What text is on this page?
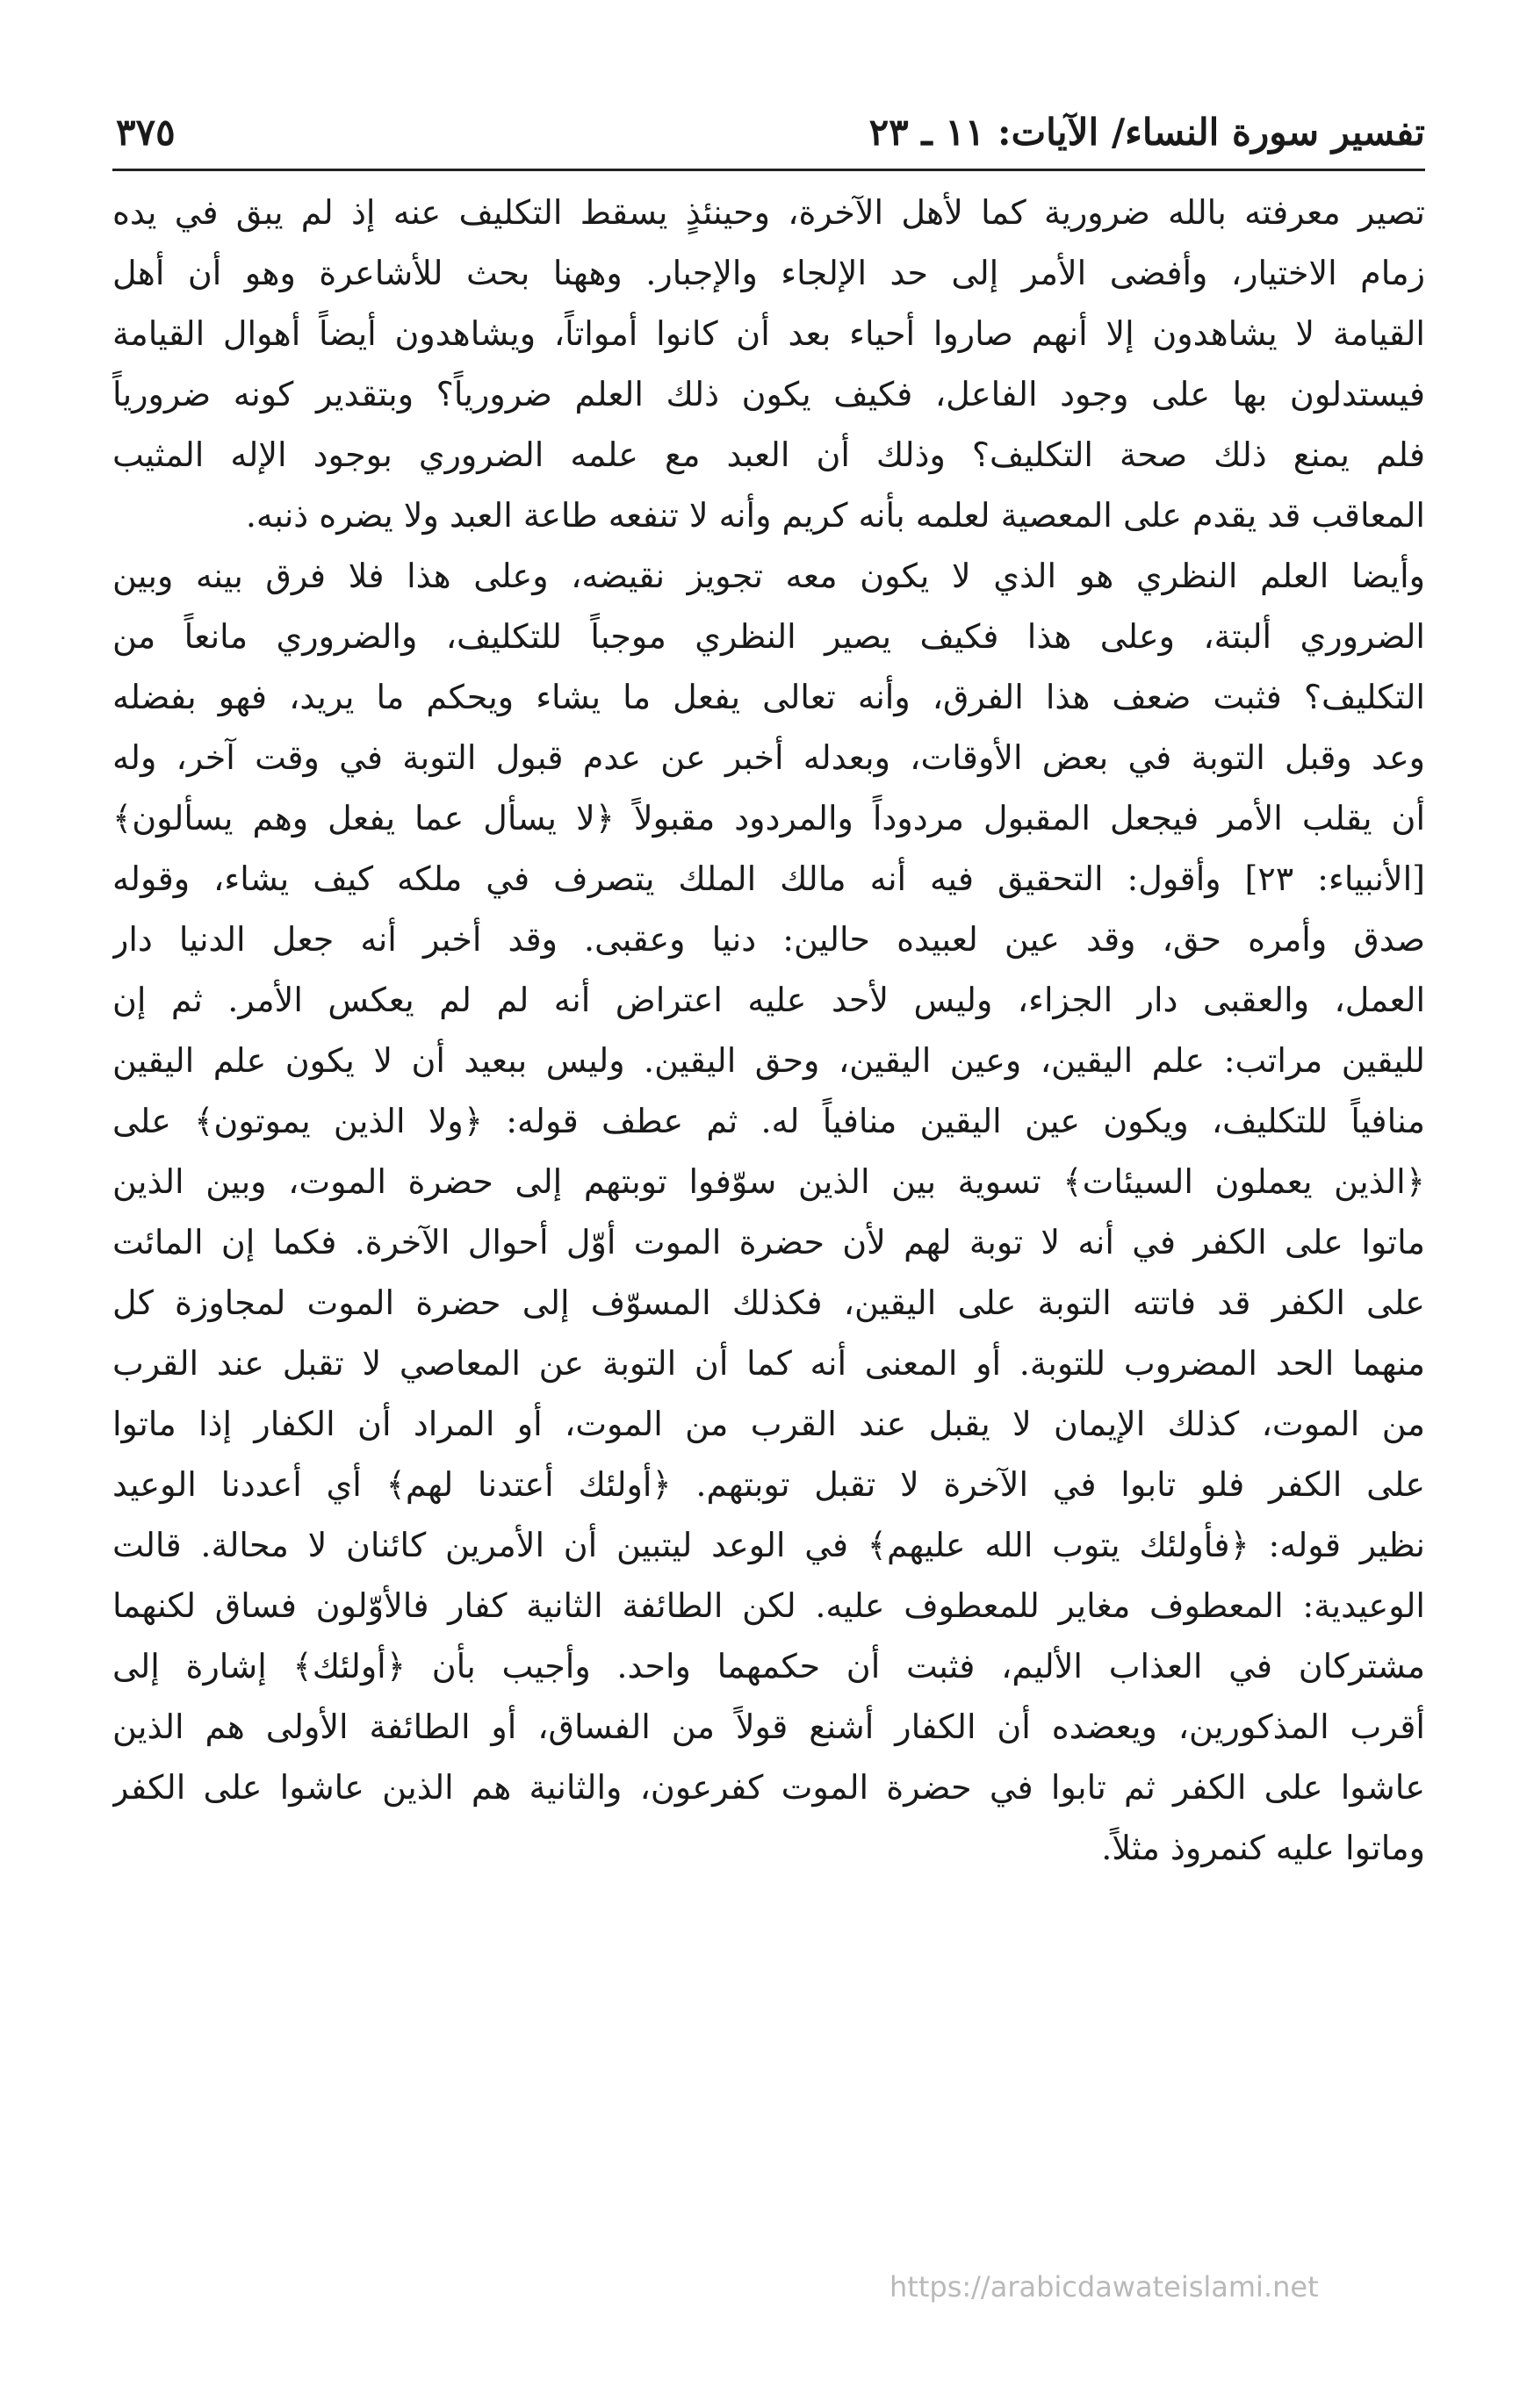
تفسير سورة النساء/ الآيات: ١١ ـ ٢٣
٣٧٥
تصير معرفته بالله ضرورية كما لأهل الآخرة، وحينئذٍ يسقط التكليف عنه إذ لم يبق في يده
زمام الاختيار، وأفضى الأمر إلى حد الإلجاء والإجبار. وههنا بحث للأشاعرة وهو أن أهل
القيامة لا يشاهدون إلا أنهم صاروا أحياء بعد أن كانوا أمواتاً، ويشاهدون أيضاً أهوال القيامة
فيستدلون بها على وجود الفاعل، فكيف يكون ذلك العلم ضرورياً؟ وبتقدير كونه ضرورياً
فلم يمنع ذلك صحة التكليف؟ وذلك أن العبد مع علمه الضروري بوجود الإله المثيب
المعاقب قد يقدم على المعصية لعلمه بأنه كريم وأنه لا تنفعه طاعة العبد ولا يضره ذنبه.
وأيضا العلم النظري هو الذي لا يكون معه تجويز نقيضه، وعلى هذا فلا فرق بينه وبين
الضروري ألبتة، وعلى هذا فكيف يصير النظري موجباً للتكليف، والضروري مانعاً من
التكليف؟ فثبت ضعف هذا الفرق، وأنه تعالى يفعل ما يشاء ويحكم ما يريد، فهو بفضله
وعد وقبل التوبة في بعض الأوقات، وبعدله أخبر عن عدم قبول التوبة في وقت آخر، وله
أن يقلب الأمر فيجعل المقبول مردوداً والمردود مقبولاً ﴿لا يسأل عما يفعل وهم يسألون﴾
[الأنبياء: ٢٣] وأقول: التحقيق فيه أنه مالك الملك يتصرف في ملكه كيف يشاء، وقوله
صدق وأمره حق، وقد عين لعبيده حالين: دنيا وعقبى. وقد أخبر أنه جعل الدنيا دار
العمل، والعقبى دار الجزاء، وليس لأحد عليه اعتراض أنه لم لم يعكس الأمر. ثم إن
لليقين مراتب: علم اليقين، وعين اليقين، وحق اليقين. وليس ببعيد أن لا يكون علم اليقين
منافياً للتكليف، ويكون عين اليقين منافياً له. ثم عطف قوله: ﴿ولا الذين يموتون﴾ على
﴿الذين يعملون السيئات﴾ تسوية بين الذين سوّفوا توبتهم إلى حضرة الموت، وبين الذين
ماتوا على الكفر في أنه لا توبة لهم لأن حضرة الموت أوّل أحوال الآخرة. فكما إن المائت
على الكفر قد فاتته التوبة على اليقين، فكذلك المسوّف إلى حضرة الموت لمجاوزة كل
منهما الحد المضروب للتوبة. أو المعنى أنه كما أن التوبة عن المعاصي لا تقبل عند القرب
من الموت، كذلك الإيمان لا يقبل عند القرب من الموت، أو المراد أن الكفار إذا ماتوا
على الكفر فلو تابوا في الآخرة لا تقبل توبتهم. ﴿أولئك أعتدنا لهم﴾ أي أعددنا الوعيد
نظير قوله: ﴿فأولئك يتوب الله عليهم﴾ في الوعد ليتبين أن الأمرين كائنان لا محالة. قالت
الوعيدية: المعطوف مغاير للمعطوف عليه. لكن الطائفة الثانية كفار فالأوّلون فساق لكنهما
مشتركان في العذاب الأليم، فثبت أن حكمهما واحد. وأجيب بأن ﴿أولئك﴾ إشارة إلى
أقرب المذكورين، ويعضده أن الكفار أشنع قولاً من الفساق، أو الطائفة الأولى هم الذين
عاشوا على الكفر ثم تابوا في حضرة الموت كفرعون، والثانية هم الذين عاشوا على الكفر
وماتوا عليه كنمروذ مثلاً.
https://arabicdawateislami.net
